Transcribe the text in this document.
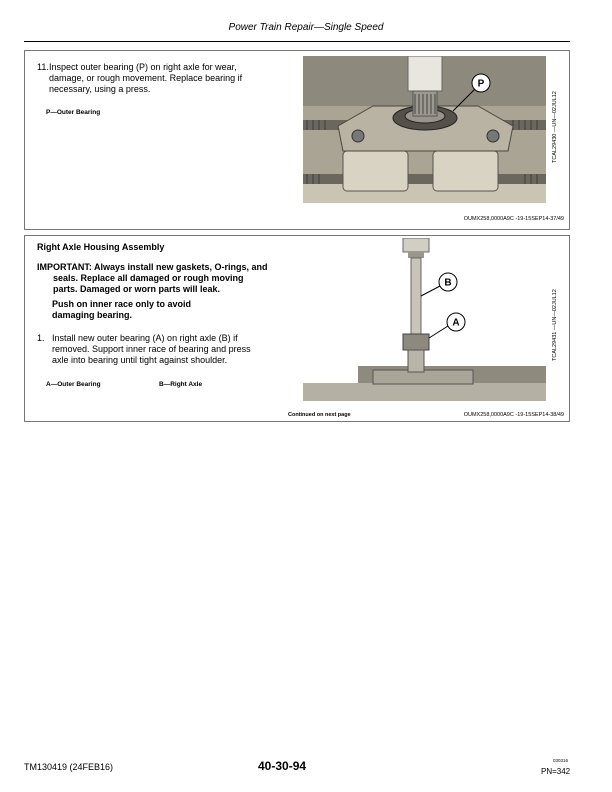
Power Train Repair—Single Speed
11. Inspect outer bearing (P) on right axle for wear,
damage, or rough movement. Replace bearing if
necessary, using a press.
P—Outer Bearing
P
TCAL29430 —UN—02JUL12
OUMX258,0000A9C -19-15SEP14-37/49
Right Axle Housing Assembly
IMPORTANT: Always install new gaskets, O-rings, and
seals. Replace all damaged or rough moving
parts. Damaged or worn parts will leak.
Push on inner race only to avoid
damaging bearing.
1. Install new outer bearing (A) on right axle (B) if
removed. Support inner race of bearing and press
axle into bearing until tight against shoulder.
A—Outer Bearing	B—Right Axle
B
A	TCAL29431 —UN—02JUL12
Continued on next page	OUMX258,0000A9C -19-15SEP14-38/49
TM130419 (24FEB16)	40-30-94	030316
PN=342
